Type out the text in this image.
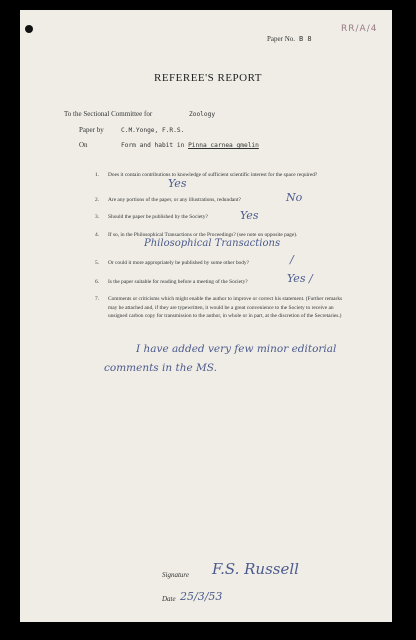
RR/A/4
Paper No. B 8
REFEREE'S REPORT
To the Sectional Committee for	Zoology
Paper by	C.M.Yonge, F.R.S.
On	Form and habit in Pinna carnea gmelin
1. Does it contain contributions to knowledge of sufficient scientific interest for the space required?
Yes
2. Are any portions of the paper, or any illustrations, redundant?	No
3. Should the paper be published by the Society?	Yes
4. If so, in the Philosophical Transactions or the Proceedings? (see note on opposite page).
Philosophical Transactions
5. Or could it more appropriately be published by some other body?	/
6. Is the paper suitable for reading before a meeting of the Society?	Yes /
7. Comments or criticisms which might enable the author to improve or correct his statement. (Further remarks may be attached and, if they are typewritten, it would be a great convenience to the Society to receive an unsigned carbon copy for transmission to the author, in whole or in part, at the discretion of the Secretaries.)
I have added very few minor editorial
comments in the MS.
Signature F.S. Russell
Date 25/3/53
